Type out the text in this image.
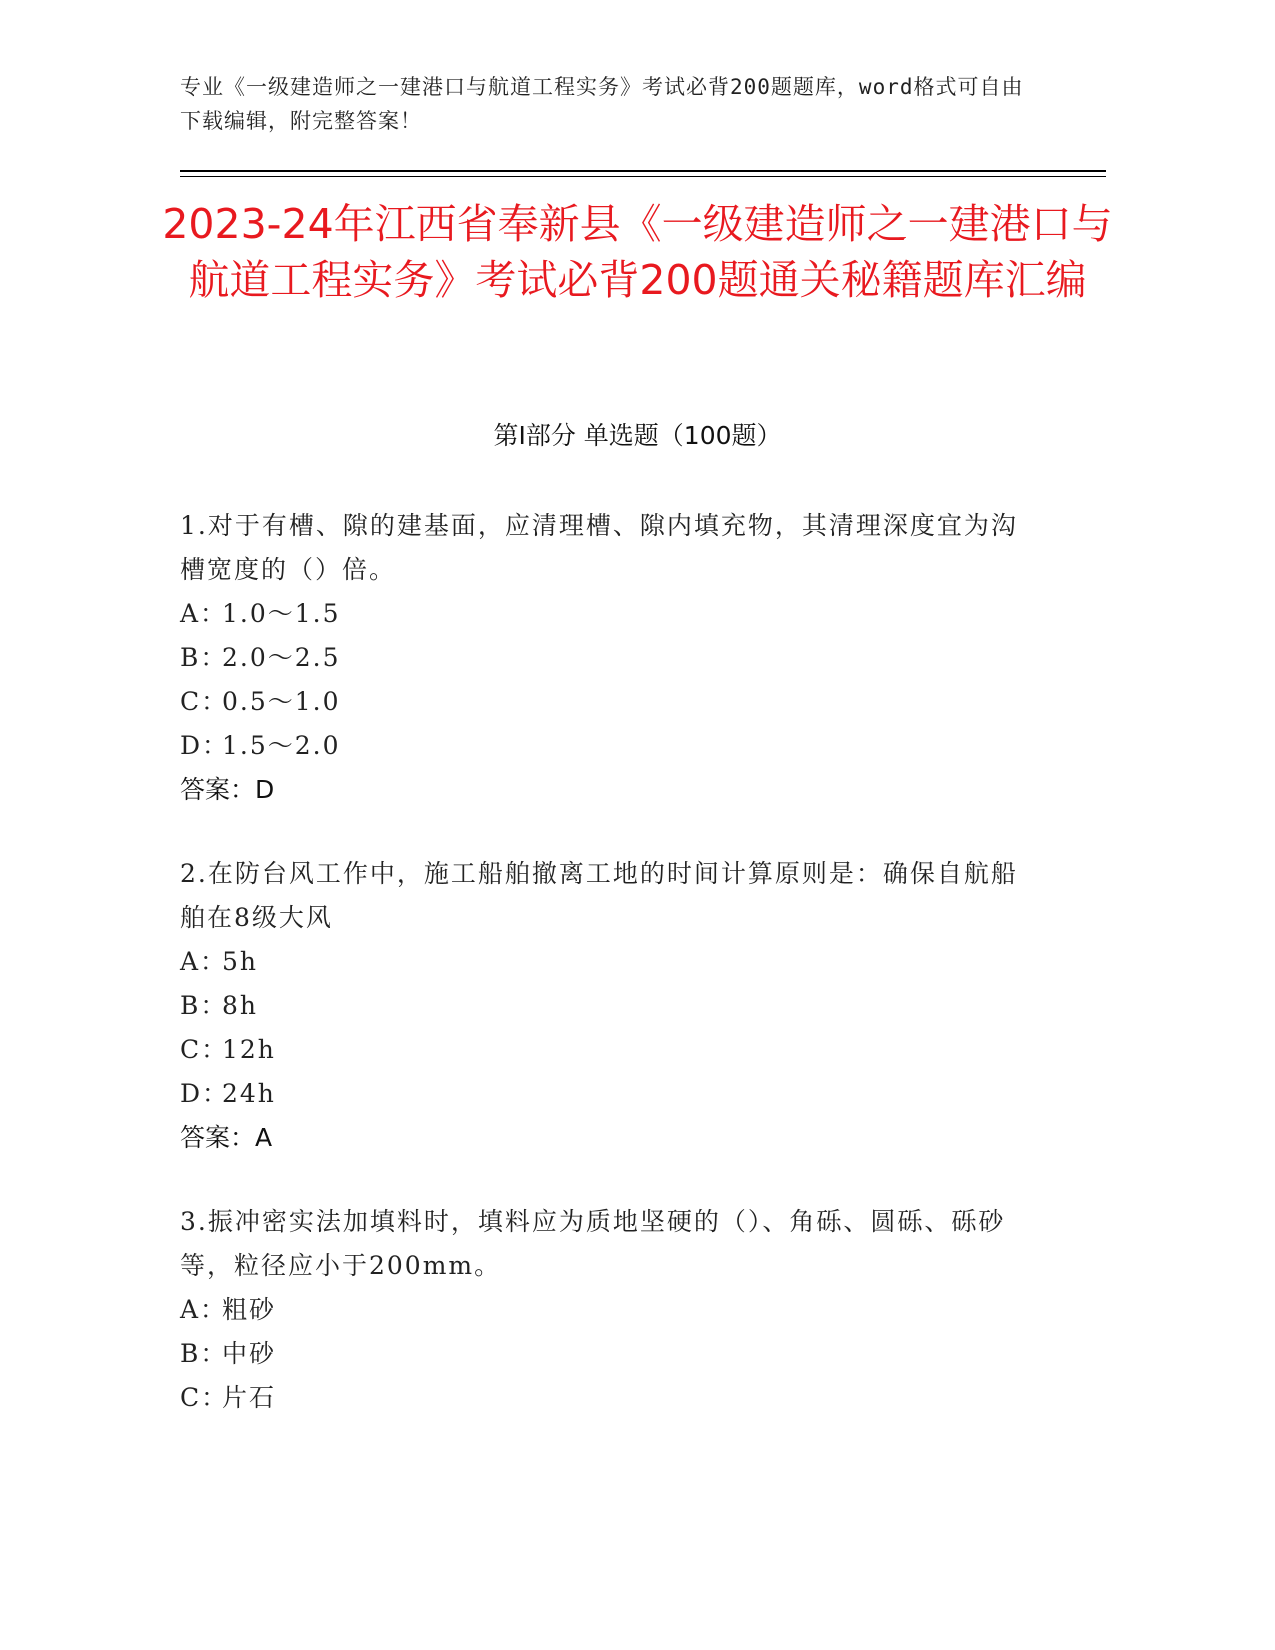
专业《一级建造师之一建港口与航道工程实务》考试必背200题题库，word格式可自由下载编辑，附完整答案！
2023-24年江西省奉新县《一级建造师之一建港口与航道工程实务》考试必背200题通关秘籍题库汇编
第Ⅰ部分 单选题（100题）
1.对于有槽、隙的建基面，应清理槽、隙内填充物，其清理深度宜为沟槽宽度的（）倍。
A：1.0～1.5
B：2.0～2.5
C：0.5～1.0
D：1.5～2.0
答案：D
2.在防台风工作中，施工船舶撤离工地的时间计算原则是：确保自航船舶在8级大风
A：5h
B：8h
C：12h
D：24h
答案：A
3.振冲密实法加填料时，填料应为质地坚硬的（）、角砾、圆砾、砾砂等，粒径应小于200mm。
A：粗砂
B：中砂
C：片石
